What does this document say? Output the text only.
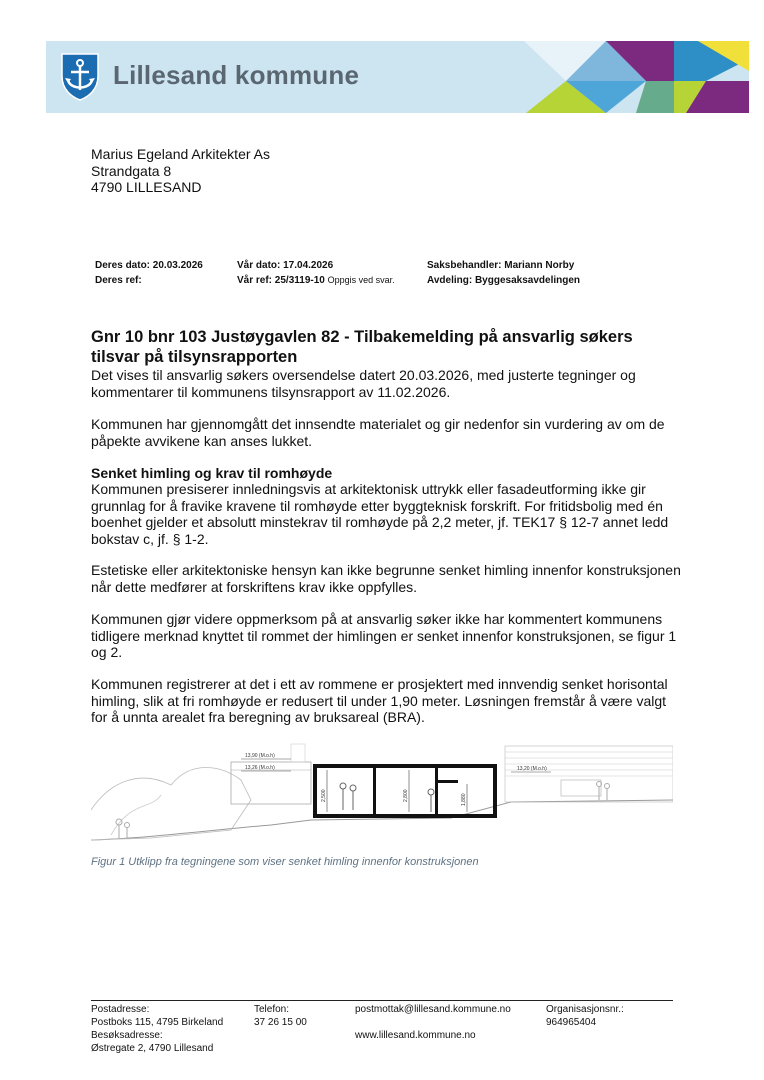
Lillesand kommune
Marius Egeland Arkitekter As
Strandgata 8
4790 LILLESAND
Deres dato: 20.03.2026
Deres ref:
Vår dato: 17.04.2026
Vår ref: 25/3119-10 Oppgis ved svar.
Saksbehandler: Mariann Norby
Avdeling: Byggesaksavdelingen
Gnr 10 bnr 103 Justøygavlen 82 - Tilbakemelding på ansvarlig søkers tilsvar på tilsynsrapporten

Det vises til ansvarlig søkers oversendelse datert 20.03.2026, med justerte tegninger og kommentarer til kommunens tilsynsrapport av 11.02.2026.

Kommunen har gjennomgått det innsendte materialet og gir nedenfor sin vurdering av om de påpekte avvikene kan anses lukket.

Senket himling og krav til romhøyde

Kommunen presiserer innledningsvis at arkitektonisk uttrykk eller fasadeutforming ikke gir grunnlag for å fravike kravene til romhøyde etter byggteknisk forskrift. For fritidsbolig med én boenhet gjelder et absolutt minstekrav til romhøyde på 2,2 meter, jf. TEK17 § 12-7 annet ledd bokstav c, jf. § 1-2.

Estetiske eller arkitektoniske hensyn kan ikke begrunne senket himling innenfor konstruksjonen når dette medfører at forskriftens krav ikke oppfylles.

Kommunen gjør videre oppmerksom på at ansvarlig søker ikke har kommentert kommunens tidligere merknad knyttet til rommet der himlingen er senket innenfor konstruksjonen, se figur 1 og 2.

Kommunen registrerer at det i ett av rommene er prosjektert med innvendig senket horisontal himling, slik at fri romhøyde er redusert til under 1,90 meter. Løsningen fremstår å være valgt for å unnta arealet fra beregning av bruksareal (BRA).

13,90 (M.o.h)
13,26 (M.o.h)
2,500	2,800	1,880
13,20 (M.o.h)
Figur 1 Utklipp fra tegningene som viser senket himling innenfor konstruksjonen
Postadresse:
Postboks 115, 4795 Birkeland
Besøksadresse:
Østregate 2, 4790 Lillesand
Telefon:
37 26 15 00
postmottak@lillesand.kommune.no
www.lillesand.kommune.no
Organisasjonsnr.:
964965404
